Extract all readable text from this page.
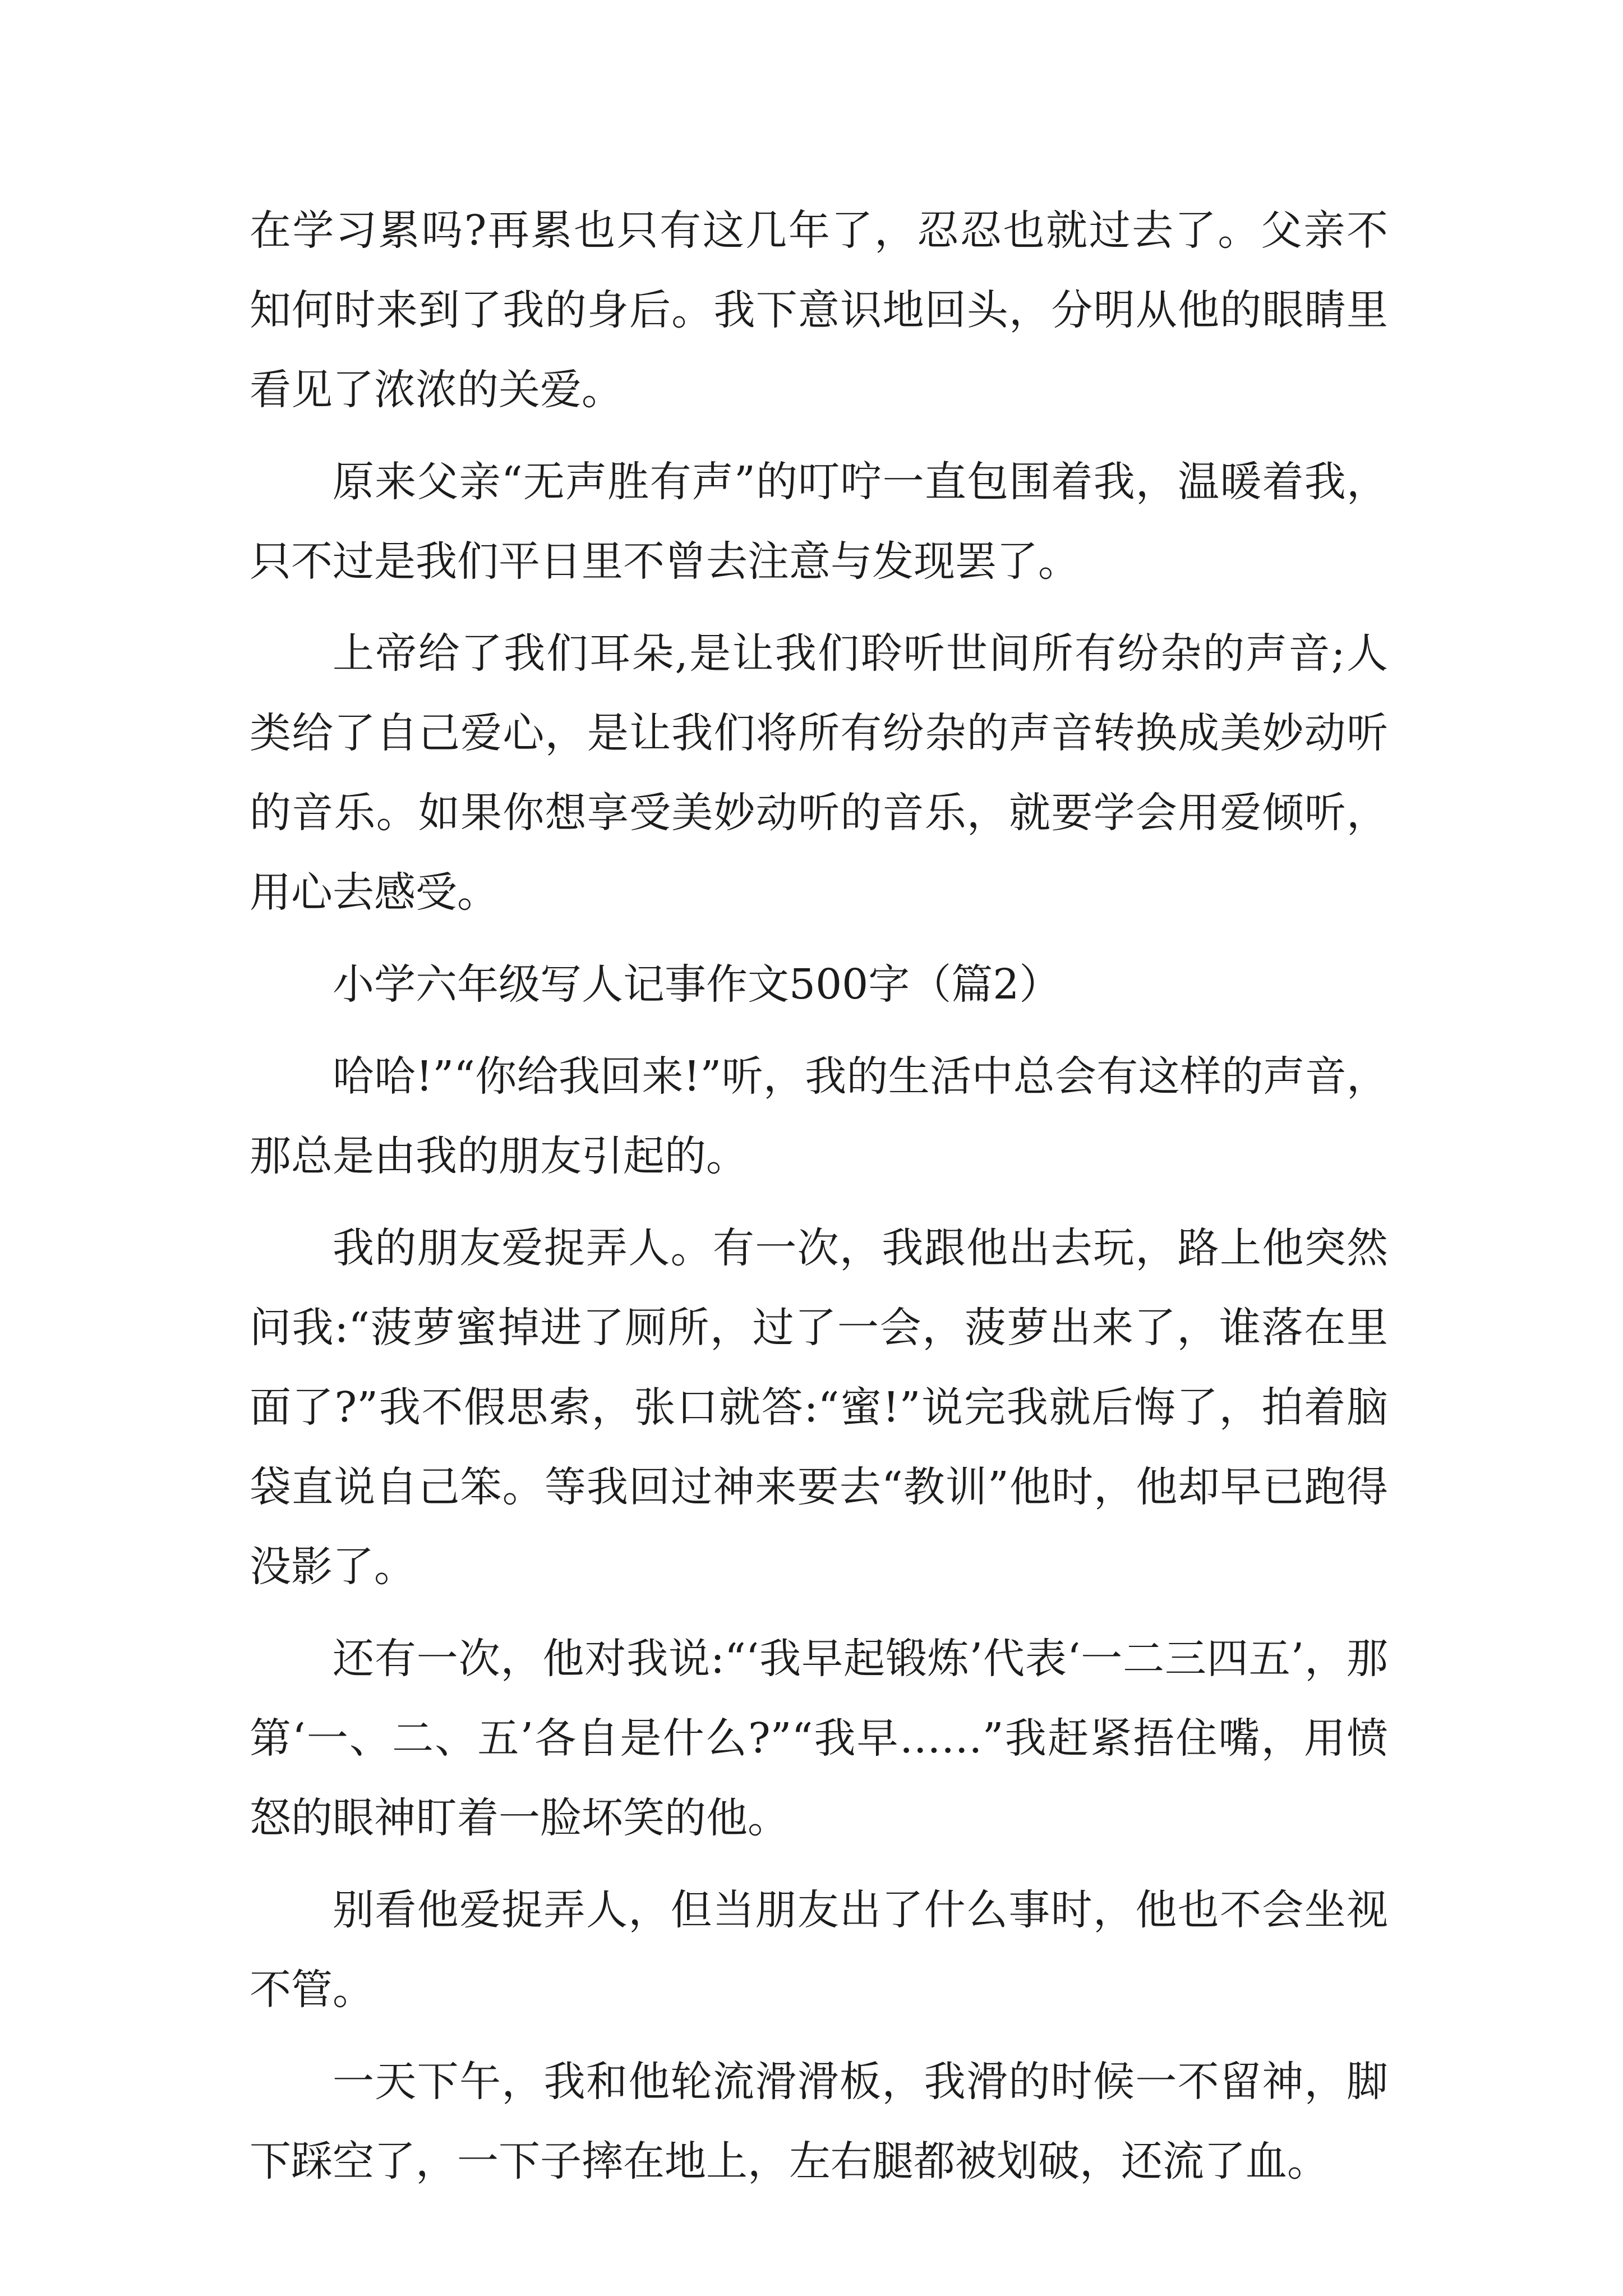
在学习累吗?再累也只有这几年了，忍忍也就过去了。父亲不知何时来到了我的身后。我下意识地回头，分明从他的眼睛里看见了浓浓的关爱。

原来父亲“无声胜有声”的叮咛一直包围着我，温暖着我，只不过是我们平日里不曾去注意与发现罢了。

上帝给了我们耳朵,是让我们聆听世间所有纷杂的声音;人类给了自己爱心，是让我们将所有纷杂的声音转换成美妙动听的音乐。如果你想享受美妙动听的音乐，就要学会用爱倾听，用心去感受。

小学六年级写人记事作文500字（篇2）

哈哈!”“你给我回来!”听，我的生活中总会有这样的声音，那总是由我的朋友引起的。

我的朋友爱捉弄人。有一次，我跟他出去玩，路上他突然问我:“菠萝蜜掉进了厕所，过了一会，菠萝出来了，谁落在里面了?”我不假思索，张口就答:“蜜!”说完我就后悔了，拍着脑袋直说自己笨。等我回过神来要去“教训”他时，他却早已跑得没影了。

还有一次，他对我说:“‘我早起锻炼’代表‘一二三四五’，那第‘一、二、五’各自是什么?”“我早……”我赶紧捂住嘴，用愤怒的眼神盯着一脸坏笑的他。

别看他爱捉弄人，但当朋友出了什么事时，他也不会坐视不管。

一天下午，我和他轮流滑滑板，我滑的时候一不留神，脚下踩空了，一下子摔在地上，左右腿都被划破，还流了血。
